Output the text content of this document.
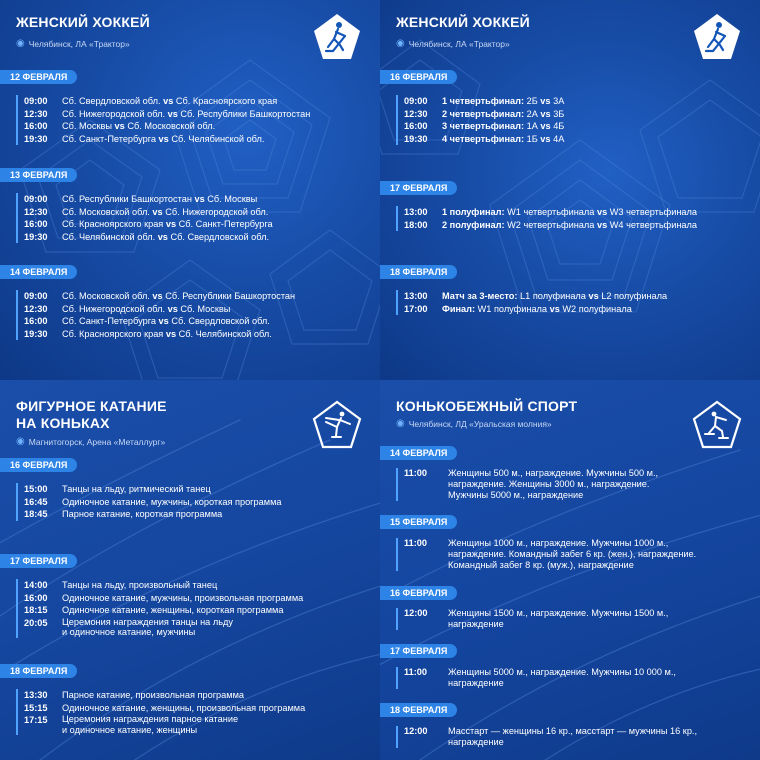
ЖЕНСКИЙ ХОККЕЙ
◉ Челябинск, ЛА «Трактор»
12 ФЕВРАЛЯ
09:00	Сб. Свердловской обл. vs Сб. Красноярского края
12:30	Сб. Нижегородской обл. vs Сб. Республики Башкортостан
16:00	Сб. Москвы vs Сб. Московской обл.
19:30	Сб. Санкт-Петербурга vs Сб. Челябинской обл.
13 ФЕВРАЛЯ
09:00	Сб. Республики Башкортостан vs Сб. Москвы
12:30	Сб. Московской обл. vs Сб. Нижегородской обл.
16:00	Сб. Красноярского края vs Сб. Санкт-Петербурга
19:30	Сб. Челябинской обл. vs Сб. Свердловской обл.
14 ФЕВРАЛЯ
09:00	Сб. Московской обл. vs Сб. Республики Башкортостан
12:30	Сб. Нижегородской обл. vs Сб. Москвы
16:00	Сб. Санкт-Петербурга vs Сб. Свердловской обл.
19:30	Сб. Красноярского края vs Сб. Челябинской обл.
ЖЕНСКИЙ ХОККЕЙ
◉ Челябинск, ЛА «Трактор»
16 ФЕВРАЛЯ
09:00	1 четвертьфинал: 2Б vs 3А
12:30	2 четвертьфинал: 2А vs 3Б
16:00	3 четвертьфинал: 1А vs 4Б
19:30	4 четвертьфинал: 1Б vs 4А
17 ФЕВРАЛЯ
13:00	1 полуфинал: W1 четвертьфинала vs W3 четвертьфинала
18:00	2 полуфинал: W2 четвертьфинала vs W4 четвертьфинала
18 ФЕВРАЛЯ
13:00	Матч за 3-место: L1 полуфинала vs L2 полуфинала
17:00	Финал: W1 полуфинала vs W2 полуфинала
ФИГУРНОЕ КАТАНИЕ
НА КОНЬКАХ
◉ Магнитогорск, Арена «Металлург»
16 ФЕВРАЛЯ
15:00	Танцы на льду, ритмический танец
16:45	Одиночное катание, мужчины, короткая программа
18:45	Парное катание, короткая программа
17 ФЕВРАЛЯ
14:00	Танцы на льду, произвольный танец
16:00	Одиночное катание, мужчины, произвольная программа
18:15	Одиночное катание, женщины, короткая программа
20:05	Церемония награждения танцы на льду
и одиночное катание, мужчины
18 ФЕВРАЛЯ
13:30	Парное катание, произвольная программа
15:15	Одиночное катание, женщины, произвольная программа
17:15	Церемония награждения парное катание
и одиночное катание, женщины
КОНЬКОБЕЖНЫЙ СПОРТ
◉ Челябинск, ЛД «Уральская молния»
14 ФЕВРАЛЯ
11:00	Женщины 500 м., награждение. Мужчины 500 м.,
награждение. Женщины 3000 м., награждение.
Мужчины 5000 м., награждение
15 ФЕВРАЛЯ
11:00	Женщины 1000 м., награждение. Мужчины 1000 м.,
награждение. Командный забег 6 кр. (жен.), награждение.
Командный забег 8 кр. (муж.), награждение
16 ФЕВРАЛЯ
12:00	Женщины 1500 м., награждение. Мужчины 1500 м.,
награждение
17 ФЕВРАЛЯ
11:00	Женщины 5000 м., награждение. Мужчины 10 000 м.,
награждение
18 ФЕВРАЛЯ
12:00	Масстарт — женщины 16 кр., масстарт — мужчины 16 кр.,
награждение
